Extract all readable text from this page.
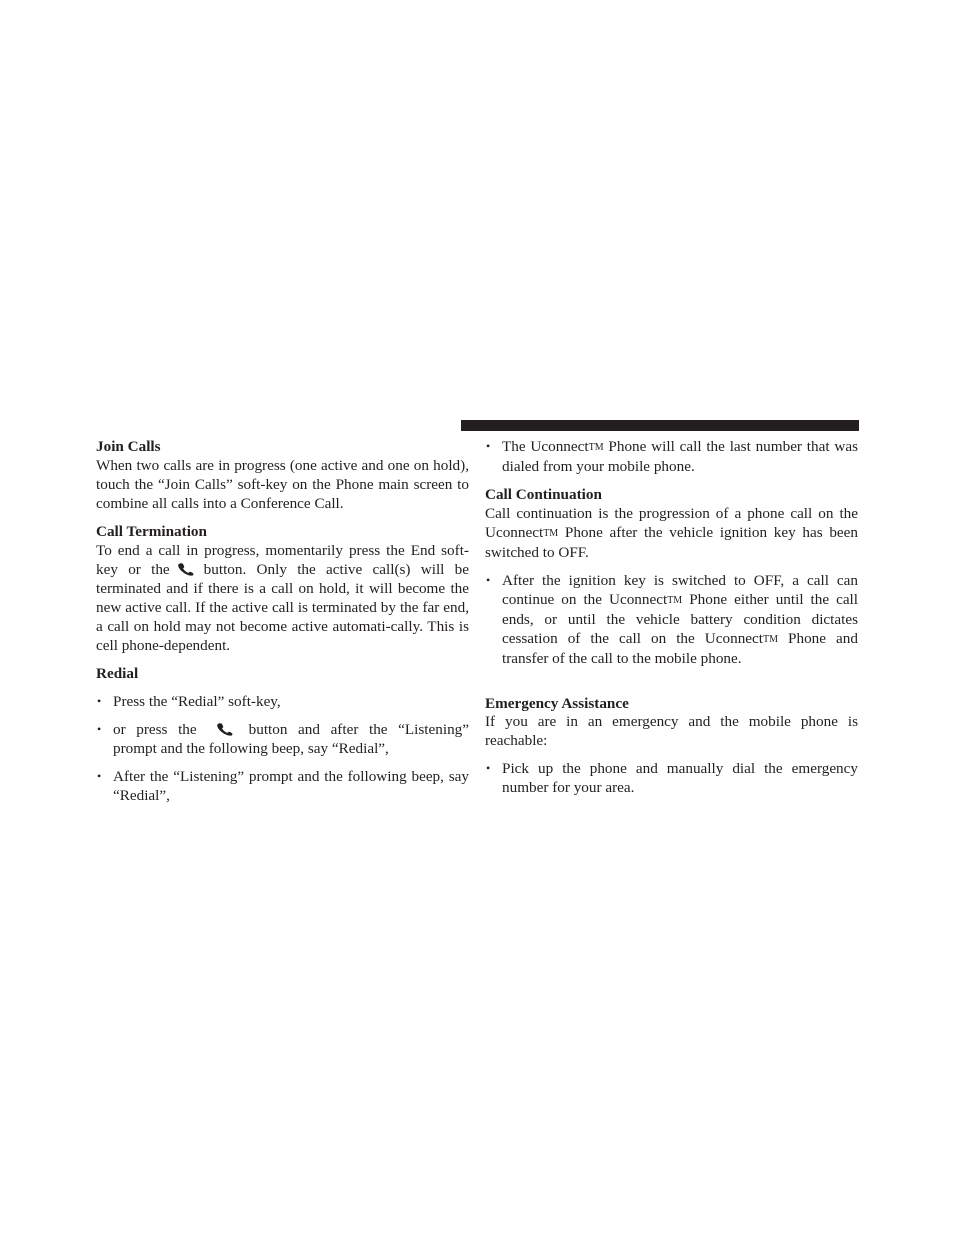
Join Calls

When two calls are in progress (one active and one on hold), touch the “Join Calls” soft-key on the Phone main screen to combine all calls into a Conference Call.

Call Termination

To end a call in progress, momentarily press the End soft-key or the button. Only the active call(s) will be terminated and if there is a call on hold, it will become the new active call. If the active call is terminated by the far end, a call on hold may not become active automati-cally. This is cell phone-dependent.

Redial
• Press the “Redial” soft-key,
• or press the	button and after the “Listening” prompt and the following beep, say “Redial”,
• After the “Listening” prompt and the following beep, say “Redial”,
• The UconnectTM Phone will call the last number that was dialed from your mobile phone.
Call Continuation

Call continuation is the progression of a phone call on the UconnectTM Phone after the vehicle ignition key has been switched to OFF.

• After the ignition key is switched to OFF, a call can continue on the UconnectTM Phone either until the call ends, or until the vehicle battery condition dictates cessation of the call on the UconnectTM Phone and transfer of the call to the mobile phone.
Emergency Assistance

If you are in an emergency and the mobile phone is reachable:

• Pick up the phone and manually dial the emergency number for your area.
